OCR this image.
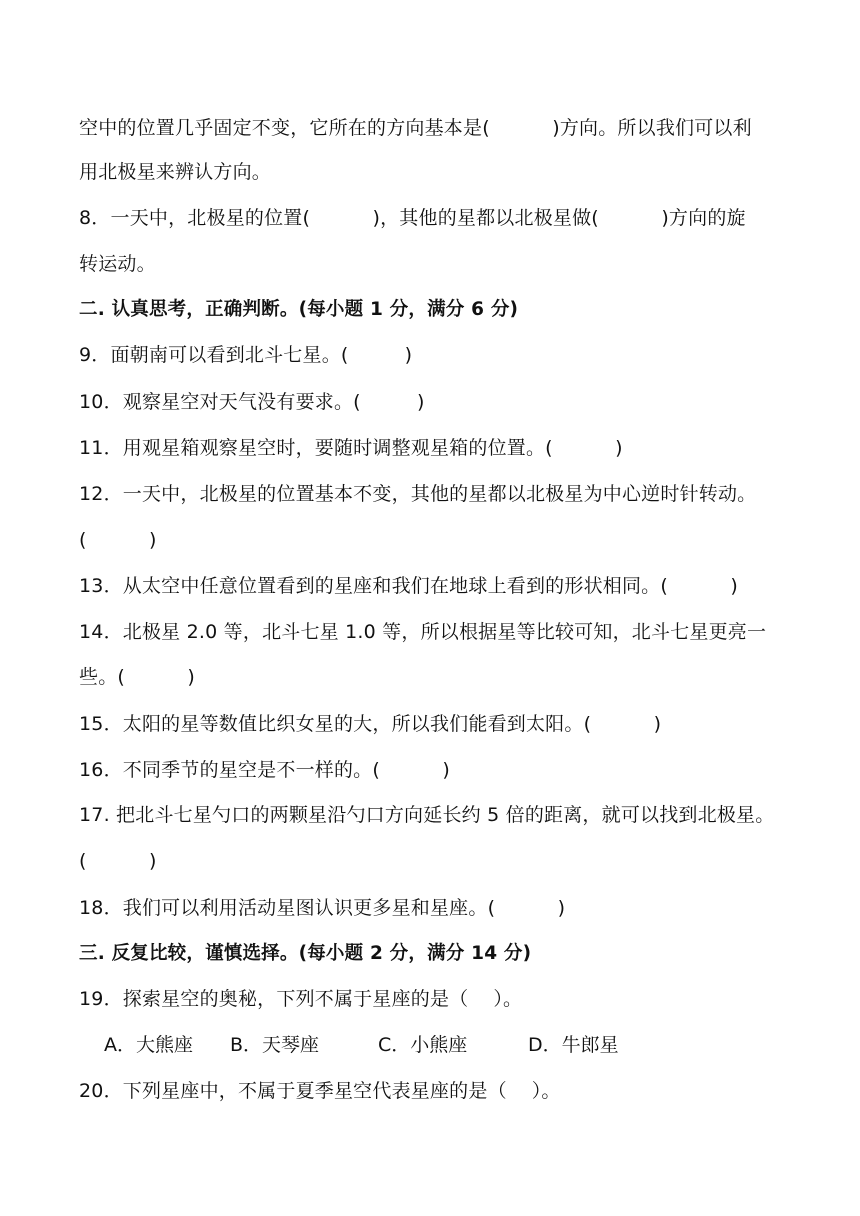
空中的位置几乎固定不变，它所在的方向基本是(          )方向。所以我们可以利
用北极星来辨认方向。
8．一天中，北极星的位置(          )，其他的星都以北极星做(          )方向的旋
转运动。
二. 认真思考，正确判断。(每小题 1 分，满分 6 分)
9．面朝南可以看到北斗七星。(         )
10．观察星空对天气没有要求。(         )
11．用观星箱观察星空时，要随时调整观星箱的位置。(          )
12．一天中，北极星的位置基本不变，其他的星都以北极星为中心逆时针转动。
(          )
13．从太空中任意位置看到的星座和我们在地球上看到的形状相同。(          )
14．北极星 2.0 等，北斗七星 1.0 等，所以根据星等比较可知，北斗七星更亮一
些。(          )
15．太阳的星等数值比织女星的大，所以我们能看到太阳。(          )
16．不同季节的星空是不一样的。(          )
17. 把北斗七星勺口的两颗星沿勺口方向延长约 5 倍的距离，就可以找到北极星。
(          )
18．我们可以利用活动星图认识更多星和星座。(          )
三. 反复比较，谨慎选择。(每小题 2 分，满分 14 分)
19．探索星空的奥秘，下列不属于星座的是（    ）。
A．大熊座 B．天琴座	C．小熊座	D．牛郎星
20．下列星座中，不属于夏季星空代表星座的是（    ）。
